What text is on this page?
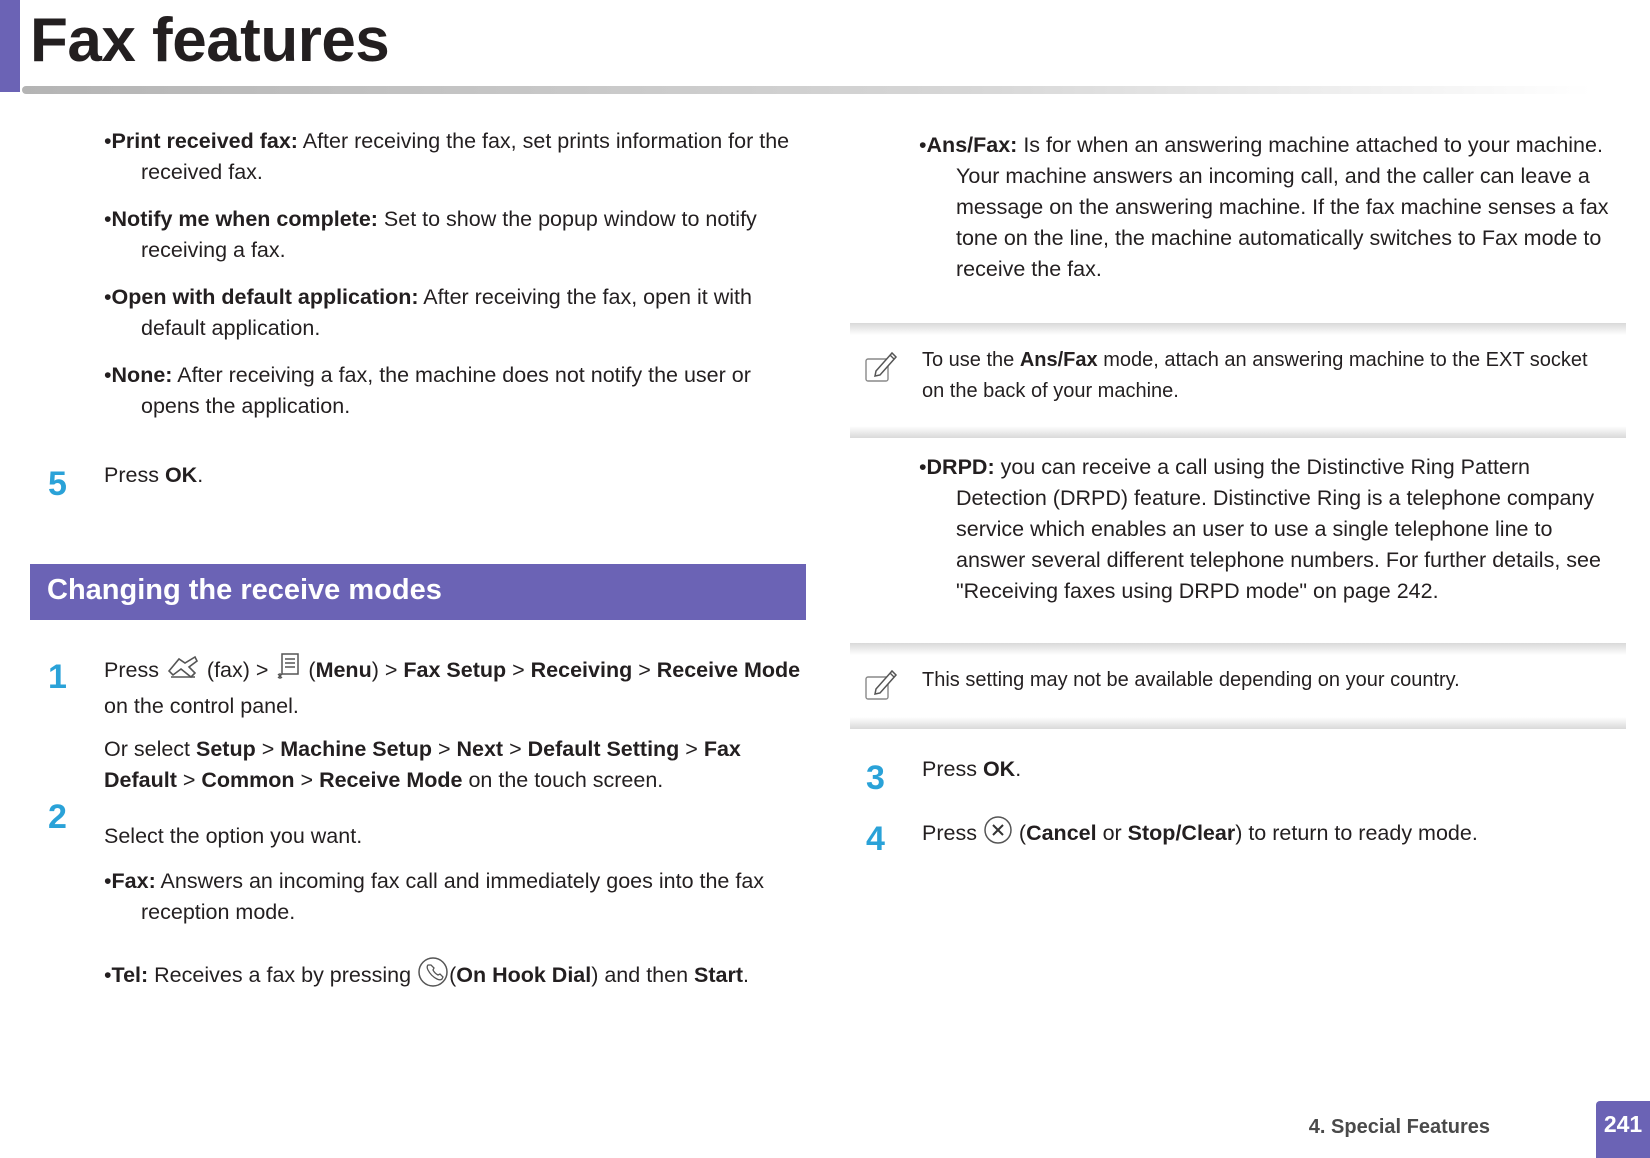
Fax features

•Print received fax: After receiving the fax, set prints information for the
received fax.

•Notify me when complete: Set to show the popup window to notify
receiving a fax.

•Open with default application: After receiving the fax, open it with
default application.

•None: After receiving a fax, the machine does not notify the user or
opens the application.

5 Press OK.

Changing the receive modes
1 Press  (fax) >  (Menu) > Fax Setup > Receiving > Receive Mode

on the control panel.

Or select Setup > Machine Setup > Next > Default Setting > Fax

Default > Common > Receive Mode on the touch screen.

2 Select the option you want.

•Fax: Answers an incoming fax call and immediately goes into the fax
reception mode.

•Tel: Receives a fax by pressing (On Hook Dial) and then Start.

•Ans/Fax: Is for when an answering machine attached to your machine.
Your machine answers an incoming call, and the caller can leave a
message on the answering machine. If the fax machine senses a fax
tone on the line, the machine automatically switches to Fax mode to
receive the fax.

To use the Ans/Fax mode, attach an answering machine to the EXT socket
on the back of your machine.

•DRPD: you can receive a call using the Distinctive Ring Pattern
Detection (DRPD) feature. Distinctive Ring is a telephone company
service which enables an user to use a single telephone line to
answer several different telephone numbers. For further details, see
"Receiving faxes using DRPD mode" on page 242.

This setting may not be available depending on your country.

3 Press OK.

4 Press  (Cancel or Stop/Clear) to return to ready mode.

4. Special Features	241
